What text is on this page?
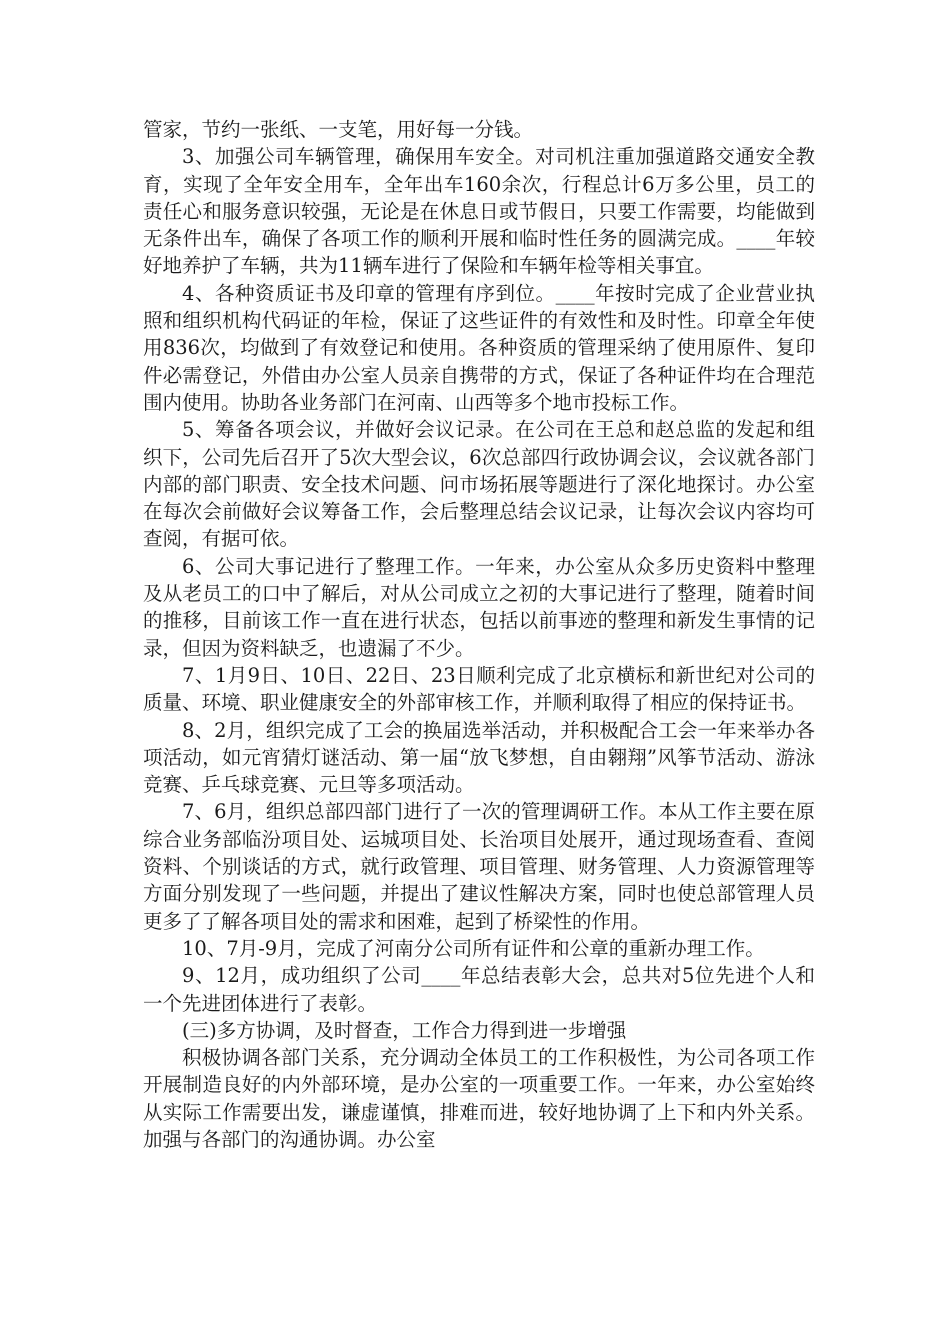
管家，节约一张纸、一支笔，用好每一分钱。

3、加强公司车辆管理，确保用车安全。对司机注重加强道路交通安全教育，实现了全年安全用车，全年出车160余次，行程总计6万多公里，员工的责任心和服务意识较强，无论是在休息日或节假日，只要工作需要，均能做到无条件出车，确保了各项工作的顺利开展和临时性任务的圆满完成。____年较好地养护了车辆，共为11辆车进行了保险和车辆年检等相关事宜。

4、各种资质证书及印章的管理有序到位。____年按时完成了企业营业执照和组织机构代码证的年检，保证了这些证件的有效性和及时性。印章全年使用836次，均做到了有效登记和使用。各种资质的管理采纳了使用原件、复印件必需登记，外借由办公室人员亲自携带的方式，保证了各种证件均在合理范围内使用。协助各业务部门在河南、山西等多个地市投标工作。

5、筹备各项会议，并做好会议记录。在公司在王总和赵总监的发起和组织下，公司先后召开了5次大型会议，6次总部四行政协调会议，会议就各部门内部的部门职责、安全技术问题、问市场拓展等题进行了深化地探讨。办公室在每次会前做好会议筹备工作，会后整理总结会议记录，让每次会议内容均可查阅，有据可依。

6、公司大事记进行了整理工作。一年来，办公室从众多历史资料中整理及从老员工的口中了解后，对从公司成立之初的大事记进行了整理，随着时间的推移，目前该工作一直在进行状态，包括以前事迹的整理和新发生事情的记录，但因为资料缺乏，也遗漏了不少。

7、1月9日、10日、22日、23日顺利完成了北京横标和新世纪对公司的质量、环境、职业健康安全的外部审核工作，并顺利取得了相应的保持证书。

8、2月，组织完成了工会的换届选举活动，并积极配合工会一年来举办各项活动，如元宵猜灯谜活动、第一届“放飞梦想，自由翱翔”风筝节活动、游泳竞赛、乒乓球竞赛、元旦等多项活动。

7、6月，组织总部四部门进行了一次的管理调研工作。本从工作主要在原综合业务部临汾项目处、运城项目处、长治项目处展开，通过现场查看、查阅资料、个别谈话的方式，就行政管理、项目管理、财务管理、人力资源管理等方面分别发现了一些问题，并提出了建议性解决方案，同时也使总部管理人员更多了了解各项目处的需求和困难，起到了桥梁性的作用。

10、7月-9月，完成了河南分公司所有证件和公章的重新办理工作。

9、12月，成功组织了公司____年总结表彰大会，总共对5位先进个人和一个先进团体进行了表彰。

(三)多方协调，及时督查，工作合力得到进一步增强

积极协调各部门关系，充分调动全体员工的工作积极性，为公司各项工作开展制造良好的内外部环境，是办公室的一项重要工作。一年来，办公室始终从实际工作需要出发，谦虚谨慎，排难而进，较好地协调了上下和内外关系。加强与各部门的沟通协调。办公室
